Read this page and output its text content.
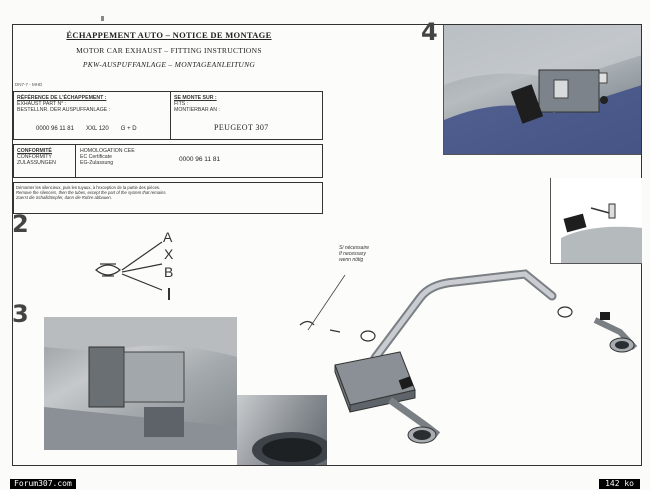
ÉCHAPPEMENT AUTO – NOTICE DE MONTAGE
MOTOR CAR EXHAUST – FITTING INSTRUCTIONS
PKW-AUSPUFFANLAGE – MONTAGEANLEITUNG
DN7-7 - MHD
RÉFÉRENCE DE L'ÉCHAPPEMENT :
EXHAUST PART N° :
BESTELLNR. DER AUSPUFFANLAGE :
0000 96 11 81 XXL 120 G + D
SE MONTE SUR :
FITS :
MONTIERBAR AN :
PEUGEOT 307
CONFORMITÉ
CONFORMITY
ZULASSUNGEN
HOMOLOGATION CEE
EC Certificate
EG-Zulassung	0000 96 11 81
Démonter les silencieux, puis les tuyaux, à l'exception de la partie des pièces.
Remove the silencers, then the tubes, except the part of the system that remains.
Zuerst die Schalldämpfer, dann die Rohre abbauen.
2
3
4
A
X
B
Si nécessaire
If necessary
wenn nötig
Forum307.com	142 ko
